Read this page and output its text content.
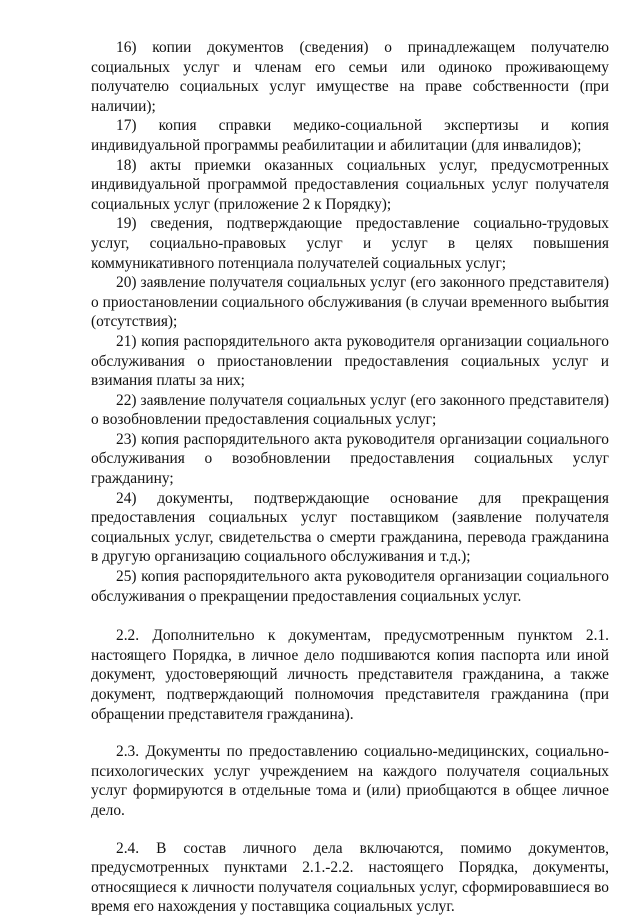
16) копии документов (сведения) о принадлежащем получателю социальных услуг и членам его семьи или одиноко проживающему получателю социальных услуг имуществе на праве собственности (при наличии);

17) копия справки медико-социальной экспертизы и копия индивидуальной программы реабилитации и абилитации (для инвалидов);

18) акты приемки оказанных социальных услуг, предусмотренных индивидуальной программой предоставления социальных услуг получателя социальных услуг (приложение 2 к Порядку);

19) сведения, подтверждающие предоставление социально-трудовых услуг, социально-правовых услуг и услуг в целях повышения коммуникативного потенциала получателей социальных услуг;

20) заявление получателя социальных услуг (его законного представителя) о приостановлении социального обслуживания (в случаи временного выбытия (отсутствия);

21) копия распорядительного акта руководителя организации социального обслуживания о приостановлении предоставления социальных услуг и взимания платы за них;

22) заявление получателя социальных услуг (его законного представителя) о возобновлении предоставления социальных услуг;

23) копия распорядительного акта руководителя организации социального обслуживания о возобновлении предоставления социальных услуг гражданину;

24) документы, подтверждающие основание для прекращения предоставления социальных услуг поставщиком (заявление получателя социальных услуг, свидетельства о смерти гражданина, перевода гражданина в другую организацию социального обслуживания и т.д.);

25) копия распорядительного акта руководителя организации социального обслуживания о прекращении предоставления социальных услуг.

2.2. Дополнительно к документам, предусмотренным пунктом 2.1. настоящего Порядка, в личное дело подшиваются копия паспорта или иной документ, удостоверяющий личность представителя гражданина, а также документ, подтверждающий полномочия представителя гражданина (при обращении представителя гражданина).

2.3. Документы по предоставлению социально-медицинских, социально-психологических услуг учреждением на каждого получателя социальных услуг формируются в отдельные тома и (или) приобщаются в общее личное дело.

2.4. В состав личного дела включаются, помимо документов, предусмотренных пунктами 2.1.-2.2. настоящего Порядка, документы, относящиеся к личности получателя социальных услуг, сформировавшиеся во время его нахождения у поставщика социальных услуг.
